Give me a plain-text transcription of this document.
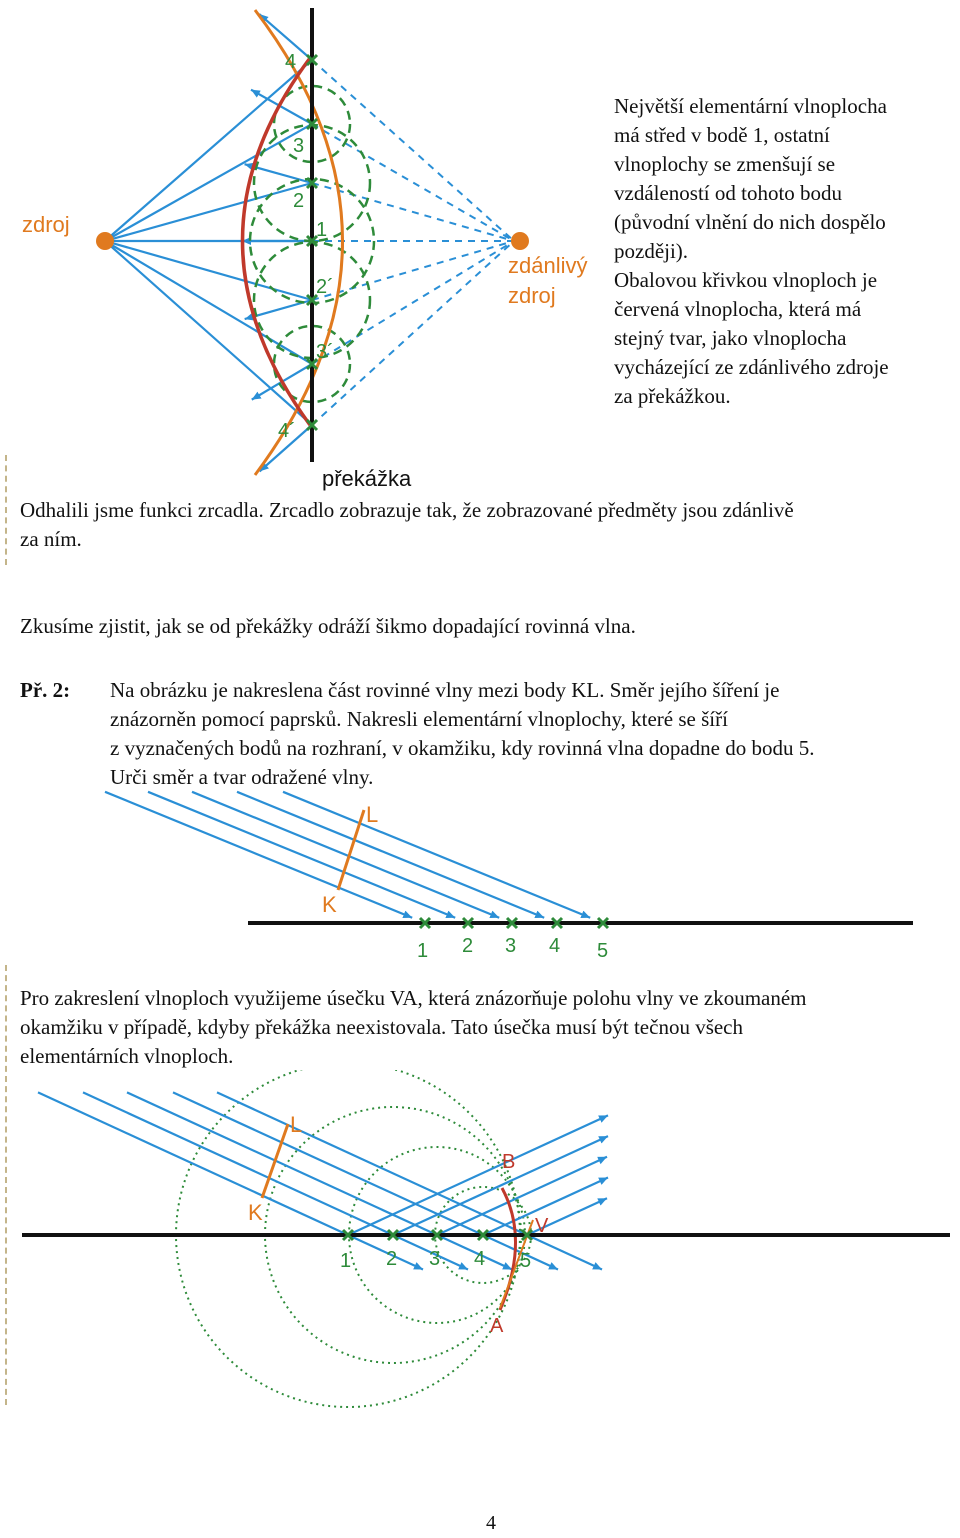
zdroj
zdánlivý
zdroj
4
3
2
1
2´
3´
4´
překážka
Největší elementární vlnoplocha
má střed v bodě 1, ostatní
vlnoplochy se zmenšují se
vzdáleností od tohoto bodu
(původní vlnění do nich dospělo
později).
Obalovou křivkou vlnoploch je
červená vlnoplocha, která má
stejný tvar, jako vlnoplocha
vycházející ze zdánlivého zdroje
za překážkou.
Odhalili jsme funkci zrcadla. Zrcadlo zobrazuje tak, že zobrazované předměty jsou zdánlivě
za ním.
Zkusíme zjistit, jak se od překážky odráží šikmo dopadající rovinná vlna.
Př. 2: Na obrázku je nakreslena část rovinné vlny mezi body KL. Směr jejího šíření je
znázorněn pomocí paprsků. Nakresli elementární vlnoplochy, které se šíří
z vyznačených bodů na rozhraní, v okamžiku, kdy rovinná vlna dopadne do bodu 5.
Urči směr a tvar odražené vlny.
L
K
1 2 3 4 5
Pro zakreslení vlnoploch využijeme úsečku VA, která znázorňuje polohu vlny ve zkoumaném
okamžiku v případě, kdyby překážka neexistovala. Tato úsečka musí být tečnou všech
elementárních vlnoploch.
L
K
B
V
A
1 2 3 4 5
4
